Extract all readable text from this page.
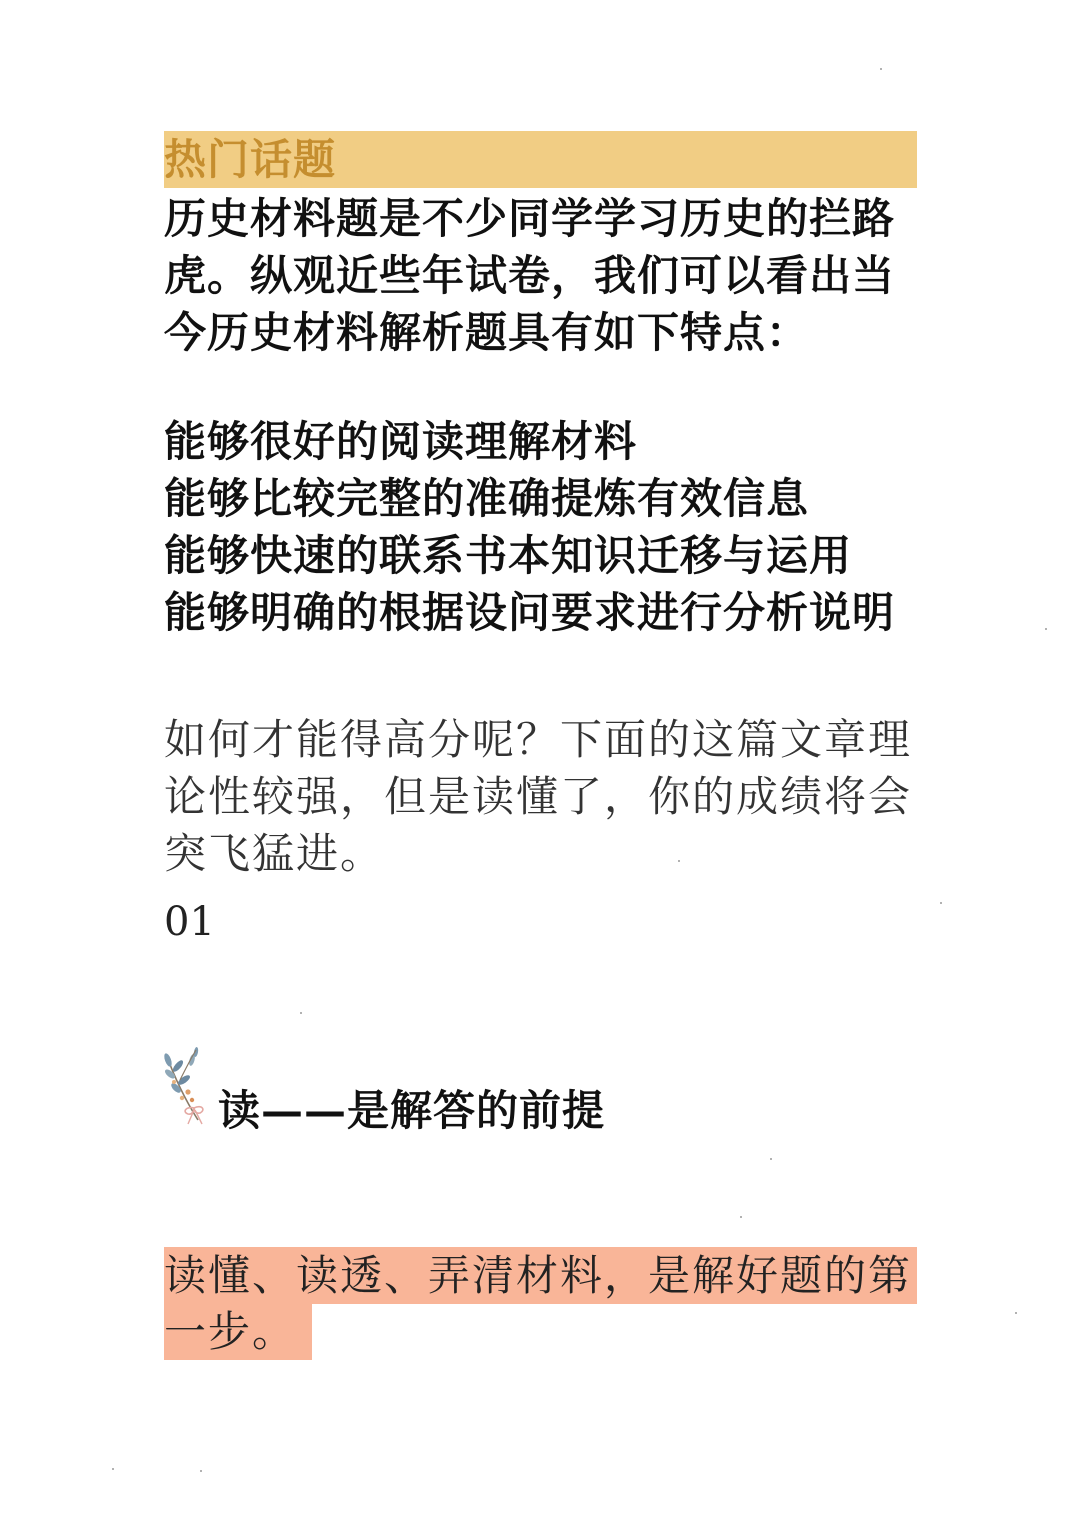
热门话题

历史材料题是不少同学学习历史的拦路虎。纵观近些年试卷，我们可以看出当今历史材料解析题具有如下特点：

能够很好的阅读理解材料
能够比较完整的准确提炼有效信息
能够快速的联系书本知识迁移与运用
能够明确的根据设问要求进行分析说明

如何才能得高分呢？下面的这篇文章理论性较强，但是读懂了，你的成绩将会突飞猛进。

01

读——是解答的前提

读懂、读透、弄清材料，是解好题的第
一步。
